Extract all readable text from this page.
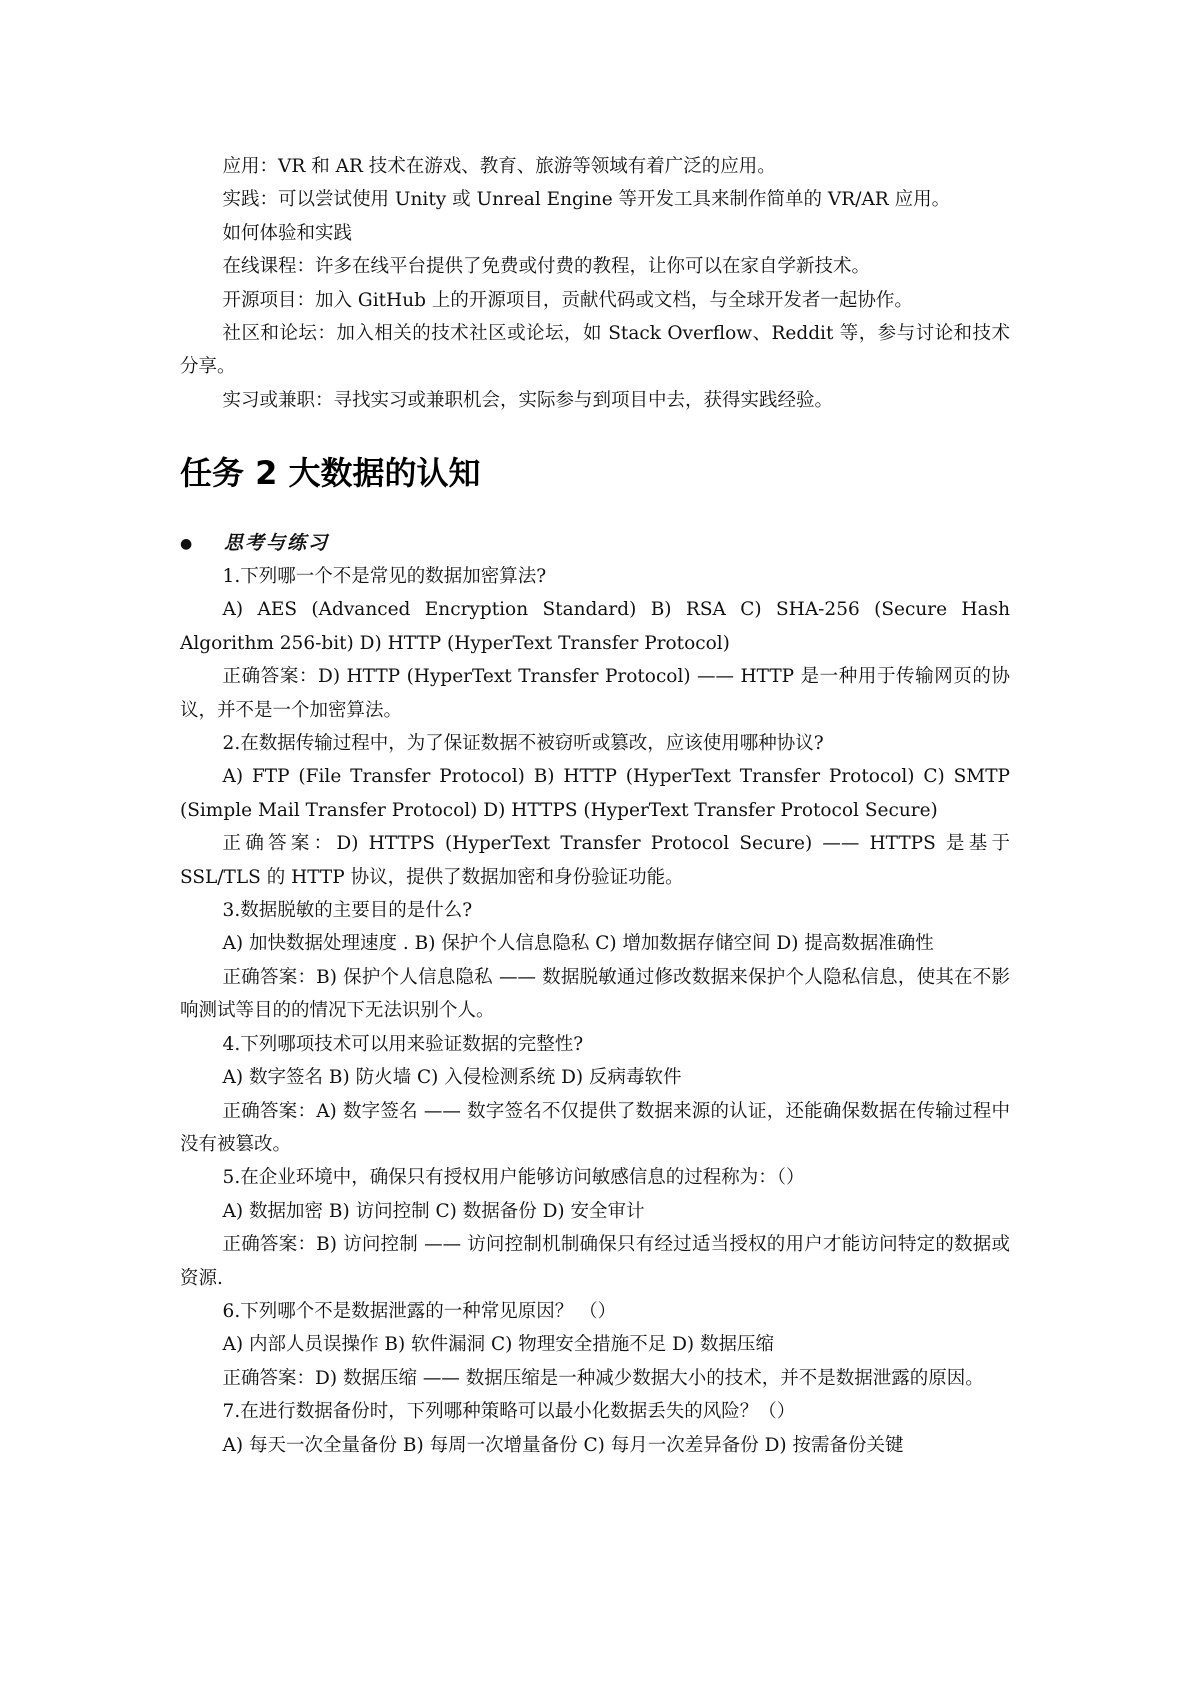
应用：VR 和 AR 技术在游戏、教育、旅游等领域有着广泛的应用。

实践：可以尝试使用 Unity 或 Unreal Engine 等开发工具来制作简单的 VR/AR 应用。

如何体验和实践

在线课程：许多在线平台提供了免费或付费的教程，让你可以在家自学新技术。

开源项目：加入 GitHub 上的开源项目，贡献代码或文档，与全球开发者一起协作。

社区和论坛：加入相关的技术社区或论坛，如 Stack Overflow、Reddit 等，参与讨论和技术分享。

实习或兼职：寻找实习或兼职机会，实际参与到项目中去，获得实践经验。

任务 2 大数据的认知
● 思考与练习

1.下列哪一个不是常见的数据加密算法?

A) AES (Advanced Encryption Standard) B) RSA C) SHA-256 (Secure Hash Algorithm 256-bit) D) HTTP (HyperText Transfer Protocol)

正确答案：D) HTTP (HyperText Transfer Protocol) —— HTTP 是一种用于传输网页的协议，并不是一个加密算法。

2.在数据传输过程中，为了保证数据不被窃听或篡改，应该使用哪种协议?

A) FTP (File Transfer Protocol) B) HTTP (HyperText Transfer Protocol) C) SMTP (Simple Mail Transfer Protocol) D) HTTPS (HyperText Transfer Protocol Secure)

正确答案：D) HTTPS (HyperText Transfer Protocol Secure) —— HTTPS 是基于 SSL/TLS 的 HTTP 协议，提供了数据加密和身份验证功能。

3.数据脱敏的主要目的是什么?

A) 加快数据处理速度 . B) 保护个人信息隐私 C) 增加数据存储空间 D) 提高数据准确性

正确答案：B) 保护个人信息隐私 —— 数据脱敏通过修改数据来保护个人隐私信息，使其在不影响测试等目的的情况下无法识别个人。

4.下列哪项技术可以用来验证数据的完整性?

A) 数字签名 B) 防火墙 C) 入侵检测系统 D) 反病毒软件

正确答案：A) 数字签名 —— 数字签名不仅提供了数据来源的认证，还能确保数据在传输过程中没有被篡改。

5.在企业环境中，确保只有授权用户能够访问敏感信息的过程称为：（）

A) 数据加密 B) 访问控制 C) 数据备份 D) 安全审计

正确答案：B) 访问控制 —— 访问控制机制确保只有经过适当授权的用户才能访问特定的数据或资源.

6.下列哪个不是数据泄露的一种常见原因？ （）

A) 内部人员误操作 B) 软件漏洞 C) 物理安全措施不足 D) 数据压缩

正确答案：D) 数据压缩 —— 数据压缩是一种减少数据大小的技术，并不是数据泄露的原因。

7.在进行数据备份时，下列哪种策略可以最小化数据丢失的风险？（）

A) 每天一次全量备份 B) 每周一次增量备份 C) 每月一次差异备份 D) 按需备份关键
